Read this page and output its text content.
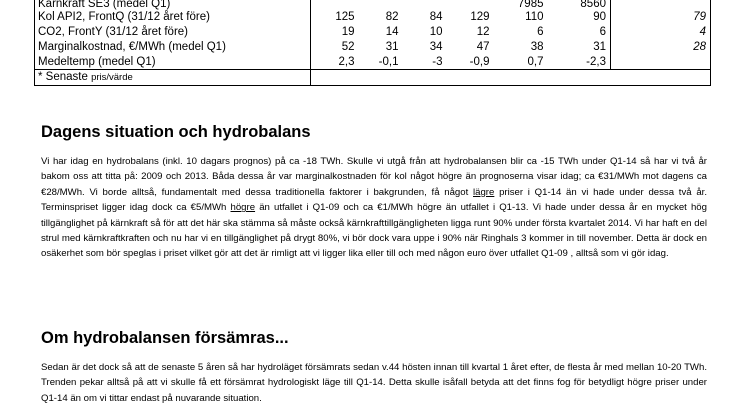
Kärnkraft SE3 (medel Q1)					7985	8560	
Kol API2, FrontQ (31/12 året före)	125	82	84	129	110	90	79
CO2, FrontY (31/12 året före)	19	14	10	12	6	6	4
Marginalkostnad, €/MWh (medel Q1)	52	31	34	47	38	31	28
Medeltemp (medel Q1)	2,3	-0,1	-3	-0,9	0,7	-2,3	
* Senaste pris/värde							
Dagens situation och hydrobalans

Vi har idag en hydrobalans (inkl. 10 dagars prognos) på ca -18 TWh. Skulle vi utgå från att hydrobalansen blir ca -15 TWh under Q1-14 så har vi två år bakom oss att titta på: 2009 och 2013. Båda dessa år var marginalkostnaden för kol något högre än prognoserna visar idag; ca €31/MWh mot dagens ca €28/MWh. Vi borde alltså, fundamentalt med dessa traditionella faktorer i bakgrunden, få något lägre priser i Q1-14 än vi hade under dessa två år. Terminspriset ligger idag dock ca €5/MWh högre än utfallet i Q1-09 och ca €1/MWh högre än utfallet i Q1-13. Vi hade under dessa år en mycket hög tillgänglighet på kärnkraft så för att det här ska stämma så måste också kärnkrafttillgängligheten ligga runt 90% under första kvartalet 2014. Vi har haft en del strul med kärnkraftkraften och nu har vi en tillgänglighet på drygt 80%, vi bör dock vara uppe i 90% när Ringhals 3 kommer in till november. Detta är dock en osäkerhet som bör speglas i priset vilket gör att det är rimligt att vi ligger lika eller till och med någon euro över utfallet Q1-09 , alltså som vi gör idag.

Om hydrobalansen försämras...

Sedan är det dock så att de senaste 5 åren så har hydroläget försämrats sedan v.44 hösten innan till kvartal 1 året efter, de flesta år med mellan 10-20 TWh. Trenden pekar alltså på att vi skulle få ett försämrat hydrologiskt läge till Q1-14. Detta skulle isåfall betyda att det finns fog för betydligt högre priser under Q1-14 än om vi tittar endast på nuvarande situation.
